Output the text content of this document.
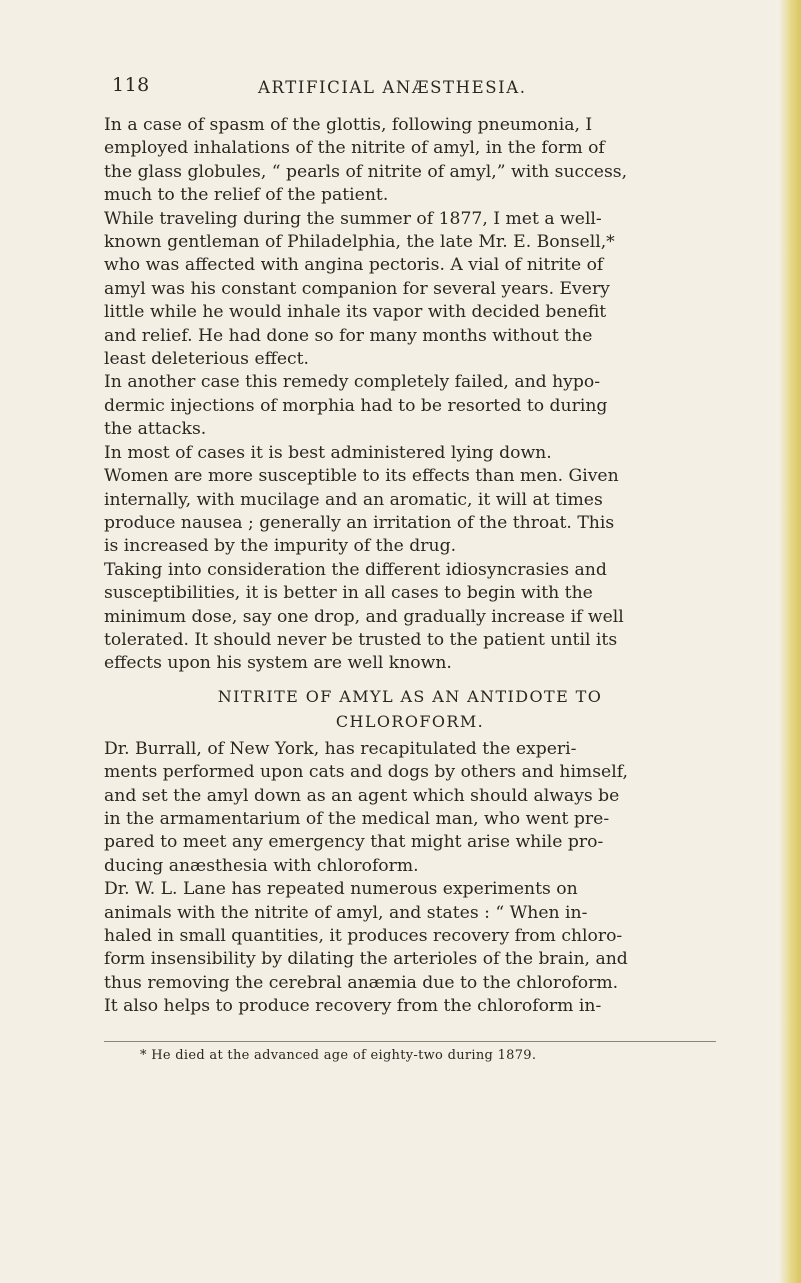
118	ARTIFICIAL ANÆSTHESIA.

In a case of spasm of the glottis, following pneumonia, I
employed inhalations of the nitrite of amyl, in the form of
the glass globules, “ pearls of nitrite of amyl,” with success,
much to the relief of the patient.

While traveling during the summer of 1877, I met a well-
known gentleman of Philadelphia, the late Mr. E. Bonsell,*
who was affected with angina pectoris. A vial of nitrite of
amyl was his constant companion for several years. Every
little while he would inhale its vapor with decided benefit
and relief. He had done so for many months without the
least deleterious effect.

In another case this remedy completely failed, and hypo-
dermic injections of morphia had to be resorted to during
the attacks.

In most of cases it is best administered lying down.
Women are more susceptible to its effects than men. Given
internally, with mucilage and an aromatic, it will at times
produce nausea ; generally an irritation of the throat. This
is increased by the impurity of the drug.

Taking into consideration the different idiosyncrasies and
susceptibilities, it is better in all cases to begin with the
minimum dose, say one drop, and gradually increase if well
tolerated. It should never be trusted to the patient until its
effects upon his system are well known.

NITRITE OF AMYL AS AN ANTIDOTE TO
CHLOROFORM.

Dr. Burrall, of New York, has recapitulated the experi-
ments performed upon cats and dogs by others and himself,
and set the amyl down as an agent which should always be
in the armamentarium of the medical man, who went pre-
pared to meet any emergency that might arise while pro-
ducing anæsthesia with chloroform.

Dr. W. L. Lane has repeated numerous experiments on
animals with the nitrite of amyl, and states : “ When in-
haled in small quantities, it produces recovery from chloro-
form insensibility by dilating the arterioles of the brain, and
thus removing the cerebral anæmia due to the chloroform.
It also helps to produce recovery from the chloroform in-

* He died at the advanced age of eighty-two during 1879.
